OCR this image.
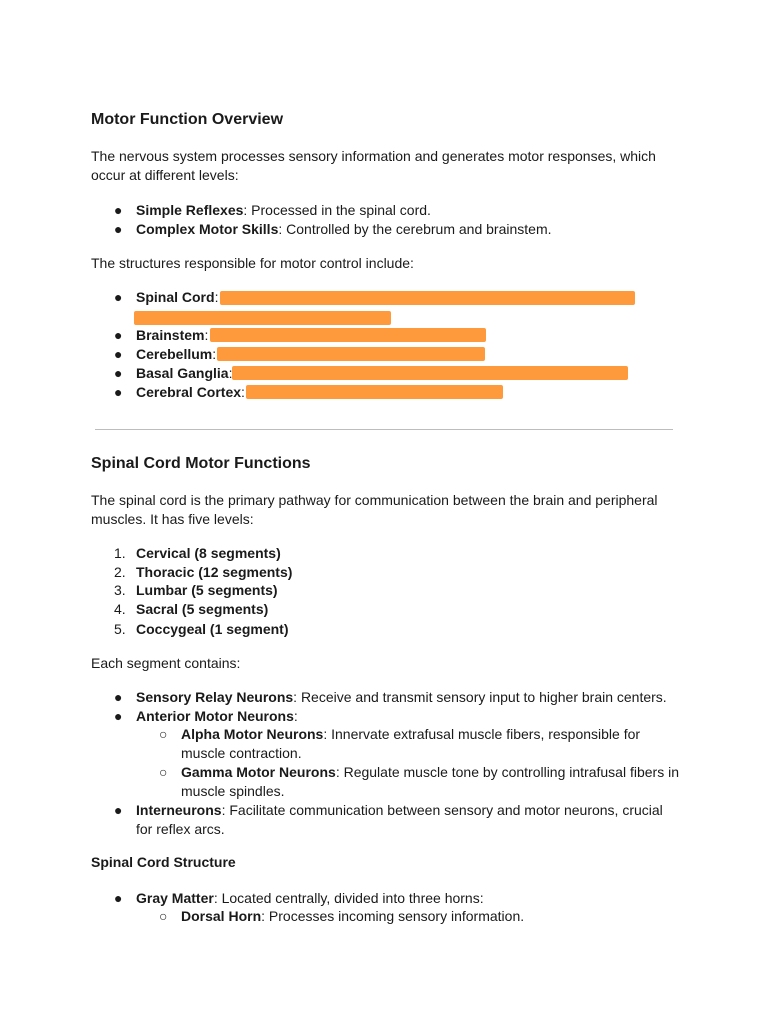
Motor Function Overview

The nervous system processes sensory information and generates motor responses, which occur at different levels:

● Simple Reflexes: Processed in the spinal cord.
● Complex Motor Skills: Controlled by the cerebrum and brainstem.

The structures responsible for motor control include:

● Spinal Cord:
● Brainstem:
● Cerebellum:
● Basal Ganglia:
● Cerebral Cortex:
Spinal Cord Motor Functions

The spinal cord is the primary pathway for communication between the brain and peripheral muscles. It has five levels:

1. Cervical (8 segments)
2. Thoracic (12 segments)
3. Lumbar (5 segments)
4. Sacral (5 segments)
5. Coccygeal (1 segment)

Each segment contains:

● Sensory Relay Neurons: Receive and transmit sensory input to higher brain centers.
● Anterior Motor Neurons:
○ Alpha Motor Neurons: Innervate extrafusal muscle fibers, responsible for muscle contraction.
○ Gamma Motor Neurons: Regulate muscle tone by controlling intrafusal fibers in muscle spindles.
● Interneurons: Facilitate communication between sensory and motor neurons, crucial for reflex arcs.
Spinal Cord Structure
● Gray Matter: Located centrally, divided into three horns:
○ Dorsal Horn: Processes incoming sensory information.
